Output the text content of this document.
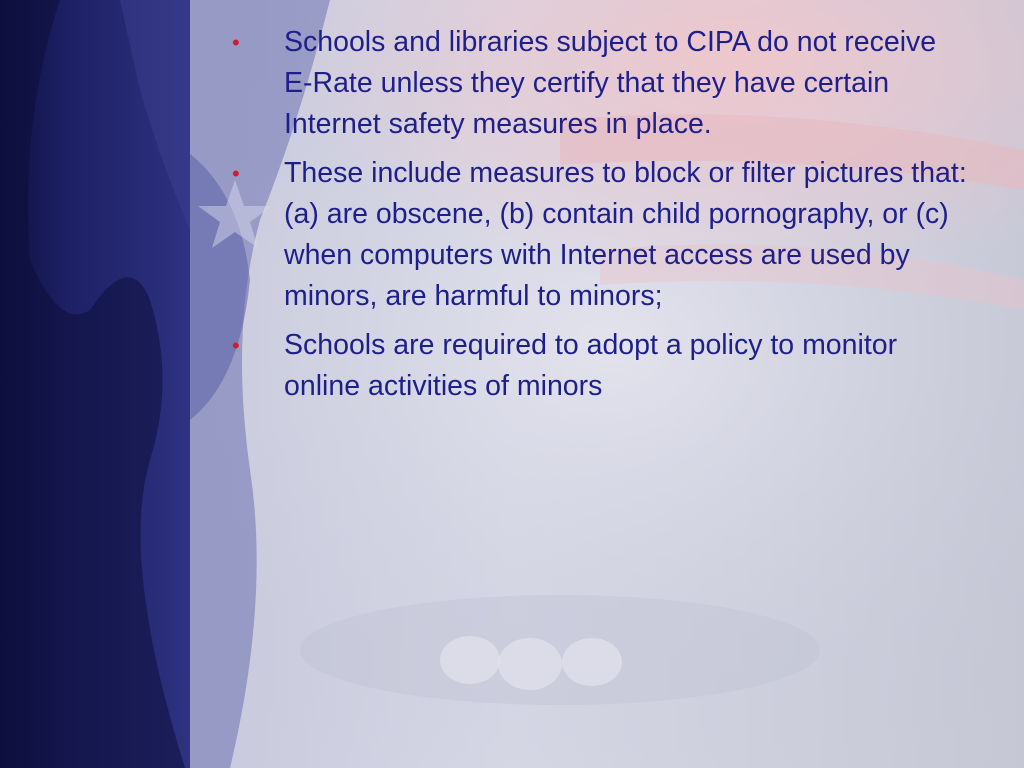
• Schools and libraries subject to CIPA do not receive E-Rate unless they certify that they have certain Internet safety measures in place.
• These include measures to block or filter pictures that: (a) are obscene, (b) contain child pornography, or (c) when computers with Internet access are used by minors, are harmful to minors;
• Schools are required to adopt a policy to monitor online activities of minors
